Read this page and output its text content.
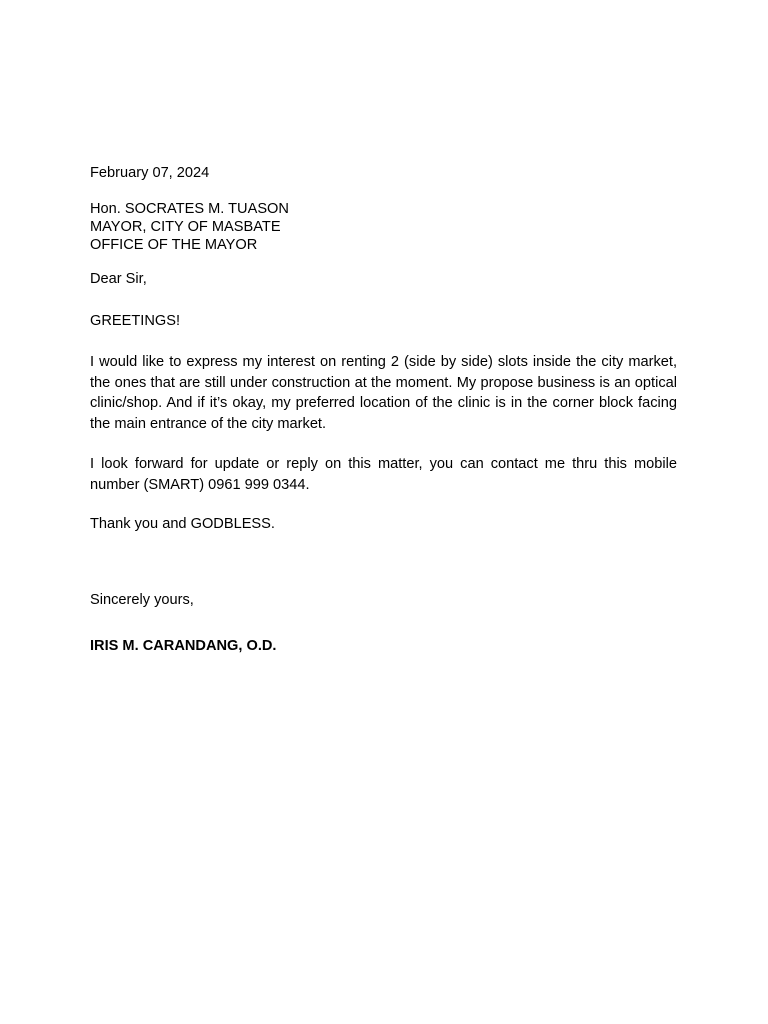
February 07, 2024
Hon. SOCRATES M. TUASON
MAYOR, CITY OF MASBATE
OFFICE OF THE MAYOR
Dear Sir,
GREETINGS!

I would like to express my interest on renting 2 (side by side) slots inside the city market, the ones that are still under construction at the moment. My propose business is an optical clinic/shop. And if it’s okay, my preferred location of the clinic is in the corner block facing the main entrance of the city market.

I look forward for update or reply on this matter, you can contact me thru this mobile number (SMART) 0961 999 0344.

Thank you and GODBLESS.
Sincerely yours,
IRIS M. CARANDANG, O.D.
